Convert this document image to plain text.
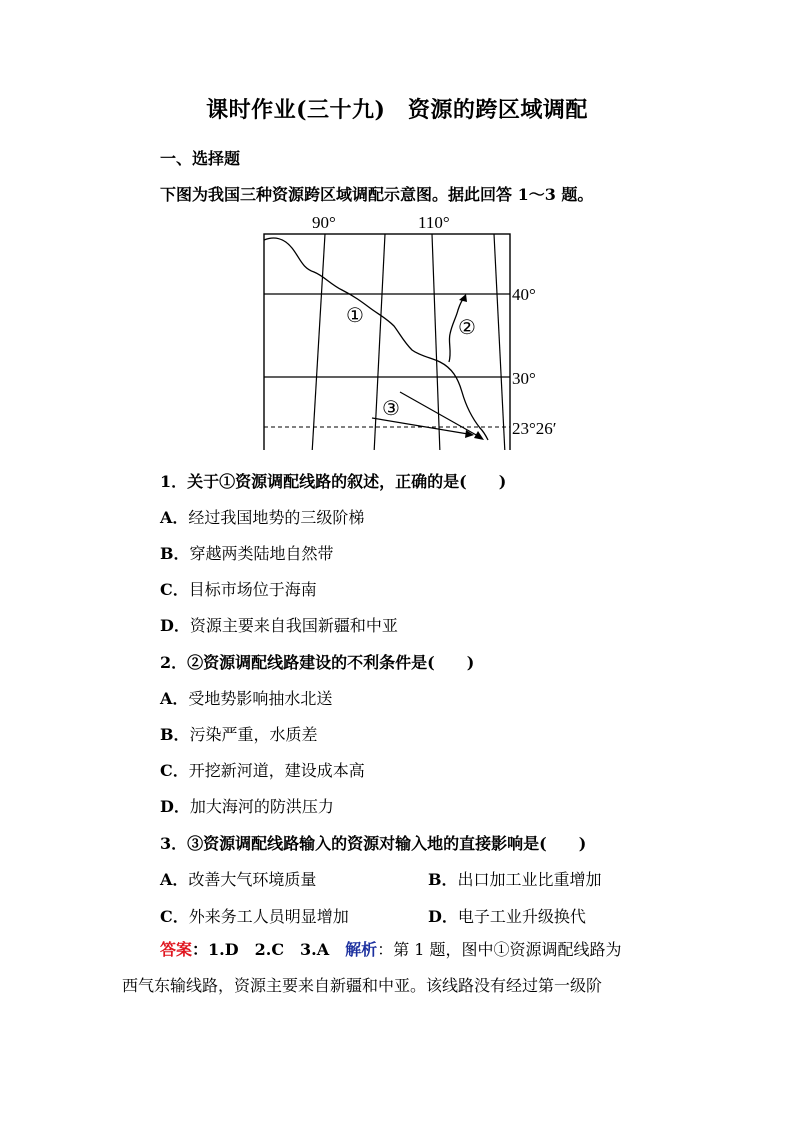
课时作业(三十九)　资源的跨区域调配
一、选择题
下图为我国三种资源跨区域调配示意图。据此回答 1～3 题。
90°	110°
40°
30°
23°26′
①
②
③
1．关于①资源调配线路的叙述，正确的是(　　)
A．经过我国地势的三级阶梯
B．穿越两类陆地自然带
C．目标市场位于海南
D．资源主要来自我国新疆和中亚
2．②资源调配线路建设的不利条件是(　　)
A．受地势影响抽水北送
B．污染严重，水质差
C．开挖新河道，建设成本高
D．加大海河的防洪压力
3．③资源调配线路输入的资源对输入地的直接影响是(　　)
A．改善大气环境质量	B．出口加工业比重增加
C．外来务工人员明显增加	D．电子工业升级换代
答案：1.D　2.C　3.A　解析：第 1 题，图中①资源调配线路为
西气东输线路，资源主要来自新疆和中亚。该线路没有经过第一级阶
